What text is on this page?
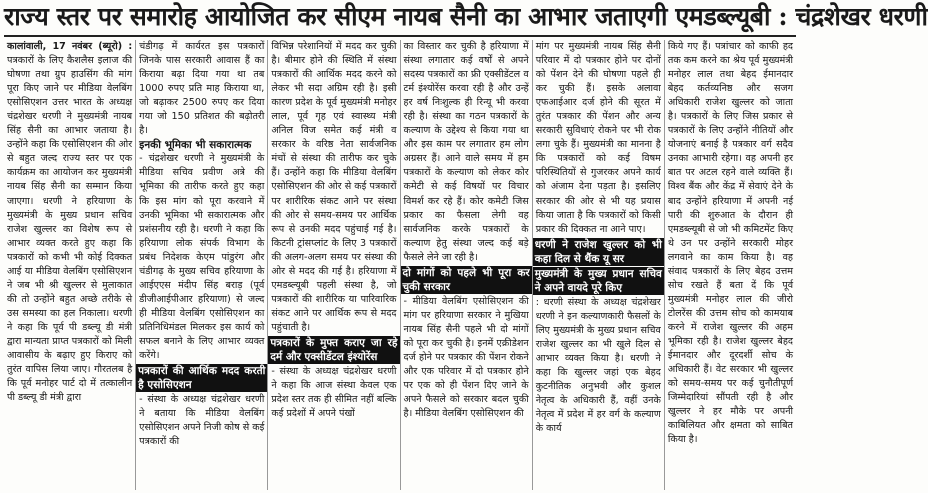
राज्य स्तर पर समारोह आयोजित कर सीएम नायब सैनी का आभार जताएगी एमडब्ल्यूबी : चंद्रशेखर धरणी

कालांवाली, 17 नवंबर (ब्यूरो) : पत्रकारों के लिए कैशलैस इलाज की घोषणा तथा ग्रुप हाउसिंग की मांग पूरा किए जाने पर मीडिया वेलबिंग एसोसिएशन उत्तर भारत के अध्यक्ष चंद्रशेखर धरणी ने मुख्यमंत्री नायब सिंह सैनी का आभार जताया है। उन्होंने कहा कि एसोसिएशन की ओर से बहुत जल्द राज्य स्तर पर एक कार्यक्रम का आयोजन कर मुख्यमंत्री नायब सिंह सैनी का सम्मान किया जाएगा। धरणी ने हरियाणा के मुख्यमंत्री के मुख्य प्रधान सचिव राजेश खुल्लर का विशेष रूप से आभार व्यक्त करते हुए कहा कि पत्रकारों को कभी भी कोई दिक्कत आई या मीडिया वेलबिंग एसोसिएशन ने जब भी श्री खुल्लर से मुलाकात की तो उन्होंने बहुत अच्छे तरीके से उस समस्या का हल निकाला। धरणी ने कहा कि पूर्व पी डब्ल्यू डी मंत्री द्वारा मान्यता प्राप्त पत्रकारों को मिली आवासीय के बढ़ाए हुए किराए को तुरंत वापिस लिया जाए। गौरतलब है कि पूर्व मनोहर पार्ट दो में तत्कालीन पी डब्ल्यू डी मंत्री द्वारा

चंडीगढ़ में कार्यरत इस पत्रकारों जिनके पास सरकारी आवास हैं का किराया बढ़ा दिया गया था तब 1000 रुपए प्रति माह किराया था, जो बढ़ाकर 2500 रुपए कर दिया गया जो 150 प्रतिशत की बढ़ोतरी है।

इनकी भूमिका भी सकारात्मक

- चंद्रशेखर धरणी ने मुख्यमंत्री के मीडिया सचिव प्रवीण अत्रे की भूमिका की तारीफ करते हुए कहा कि इस मांग को पूरा करवाने में उनकी भूमिका भी सकारात्मक और प्रशंसनीय रही है। धरणी ने कहा कि हरियाणा लोक संपर्क विभाग के प्रबंध निदेशक केएम पांडुरंग और चंडीगढ़ के मुख्य सचिव हरियाणा के आईएएस मंदीप सिंह बराड़ (पूर्व डीजीआईपीआर हरियाणा) से जल्द ही मीडिया वेलबिंग एसोसिएशन का प्रतिनिधिमंडल मिलकर इस कार्य को सफल बनाने के लिए आभार व्यक्त करेंगे।

पत्रकारों की आर्थिक मदद करती है एसोसिएशन

- संस्था के अध्यक्ष चंद्रशेखर धरणी ने बताया कि मीडिया वेलबिंग एसोसिएशन अपने निजी कोष से कई पत्रकारों की

विभिन्न परेशानियों में मदद कर चुकी है। बीमार होने की स्थिति में संस्था पत्रकारों की आर्थिक मदद करने को लेकर भी सदा अग्रिम रही है। इसी कारण प्रदेश के पूर्व मुख्यमंत्री मनोहर लाल, पूर्व गृह एवं स्वास्थ्य मंत्री अनिल विज समेत कई मंत्री व सरकार के वरिष्ठ नेता सार्वजनिक मंचों से संस्था की तारीफ कर चुके हैं। उन्होंने कहा कि मीडिया वेलबिंग एसोसिएशन की ओर से कई पत्रकारों पर शारीरिक संकट आने पर संस्था की ओर से समय-समय पर आर्थिक रूप से उनकी मदद पहुंचाई गई है। किटनी ट्रांसप्लांट के लिए 3 पत्रकारों की अलग-अलग समय पर संस्था की ओर से मदद की गई है। हरियाणा में एमडब्ल्यूबी पहली संस्था है, जो पत्रकारों की शारीरिक या पारिवारिक संकट आने पर आर्थिक रूप से मदद पहुंचाती है।

पत्रकारों के मुफ्त कराए जा रहे दर्म और एक्सीडेंटल इंश्योरेंस

- संस्था के अध्यक्ष चंद्रशेखर धरणी ने कहा कि आज संस्था केवल एक प्रदेश स्तर तक ही सीमित नहीं बल्कि कई प्रदेशों में अपने पंखों

का विस्तार कर चुकी है हरियाणा में संस्था लगातार कई वर्षों से अपने सदस्य पत्रकारों का फ्री एक्सीडेंटल व टर्म इंश्योरेंस करवा रही है और उन्हें हर वर्ष निःशुल्क ही रिन्यू भी करवा रही है। संस्था का गठन पत्रकारों के कल्याण के उद्देश्य से किया गया था और इस काम पर लगातार हम लोग अग्रसर हैं। आने वाले समय में हम पत्रकारों के कल्याण को लेकर कोर कमेटी से कई विषयों पर विचार विमर्श कर रहे हैं। कोर कमेटी जिस प्रकार का फैसला लेगी वह सार्वजनिक करके पत्रकारों के कल्याण हेतु संस्था जल्द कई बड़े फैसले लेने जा रही है।

दो मांगों को पहले भी पूरा कर चुकी सरकार

- मीडिया वेलबिंग एसोसिएशन की मांग पर हरियाणा सरकार ने मुखिया नायब सिंह सैनी पहले भी दो मांगों को पूरा कर चुकी है। इनमें एक्रीडेशन दर्ज होने पर पत्रकार की पेंशन रोकने और एक परिवार में दो पत्रकार होने पर एक को ही पेंशन दिए जाने के अपने फैसले को सरकार बदल चुकी है। मीडिया वेलबिंग एसोसिएशन की

मांग पर मुख्यमंत्री नायब सिंह सैनी परिवार में दो पत्रकार होने पर दोनों को पेंशन देने की घोषणा पहले ही कर चुकी हैं। इसके अलावा एफआईआर दर्ज होने की सूरत में तुरंत पत्रकार की पेंशन और अन्य सरकारी सुविधाएं रोकने पर भी रोक लगा चुके हैं। मुख्यमंत्री का मानना है कि पत्रकारों को कई विषम परिस्थितियों से गुजरकर अपने कार्य को अंजाम देना पड़ता है। इसलिए सरकार की ओर से भी यह प्रयास किया जाता है कि पत्रकारों को किसी प्रकार की दिक्कत ना आने पाए।

धरणी ने राजेश खुल्लर को भी कहा दिल से थैंक यू सर
मुख्यमंत्री के मुख्य प्रधान सचिव ने अपने वायदे पूरे किए

: धरणी संस्था के अध्यक्ष चंद्रशेखर धरणी ने इन कल्याणकारी फैसलों के लिए मुख्यमंत्री के मुख्य प्रधान सचिव राजेश खुल्लर का भी खुले दिल से आभार व्यक्त किया है। धरणी ने कहा कि खुल्लर जहां एक बेहद कुटनीतिक अनुभवी और कुशल नेतृत्व के अधिकारी हैं, वहीं उनके नेतृत्व में प्रदेश में हर वर्ग के कल्याण के कार्य

किये गए हैं। पत्रांचार को काफी हद तक कम करने का श्रेय पूर्व मुख्यमंत्री मनोहर लाल तथा बेहद ईमानदार बेहद कर्तव्यनिष्ठ और सजग अधिकारी राजेश खुल्लर को जाता है। पत्रकारों के लिए जिस प्रकार से पत्रकारों के लिए उन्होंने नीतियों और योजनाएं बनाई है पत्रकार वर्ग सदैव उनका आभारी रहेगा। वह अपनी हर बात पर अटल रहने वाले व्यक्ति हैं। विश्व बैंक और केंद्र में सेवाएं देने के बाद उन्होंने हरियाणा में अपनी नई पारी की शुरुआत के दौरान ही एमडब्ल्यूबी से जो भी कमिटमेंट किए थे उन पर उन्होंने सरकारी मोहर लगवाने का काम किया है। वह संवाद पत्रकारों के लिए बेहद उत्तम सोच रखते हैं बता दें कि पूर्व मुख्यमंत्री मनोहर लाल की जीरो टोलरेंस की उत्तम सोच को कामयाब करने में राजेश खुल्लर की अहम भूमिका रही है। राजेश खुल्लर बेहद ईमानदार और दूरदर्शी सोच के अधिकारी हैं। वेट सरकार भी खुल्लर को समय-समय पर कई चुनौतीपूर्ण जिम्मेदारियां सौंपती रही है और खुल्लर ने हर मौके पर अपनी काबिलियत और क्षमता को साबित किया है।
